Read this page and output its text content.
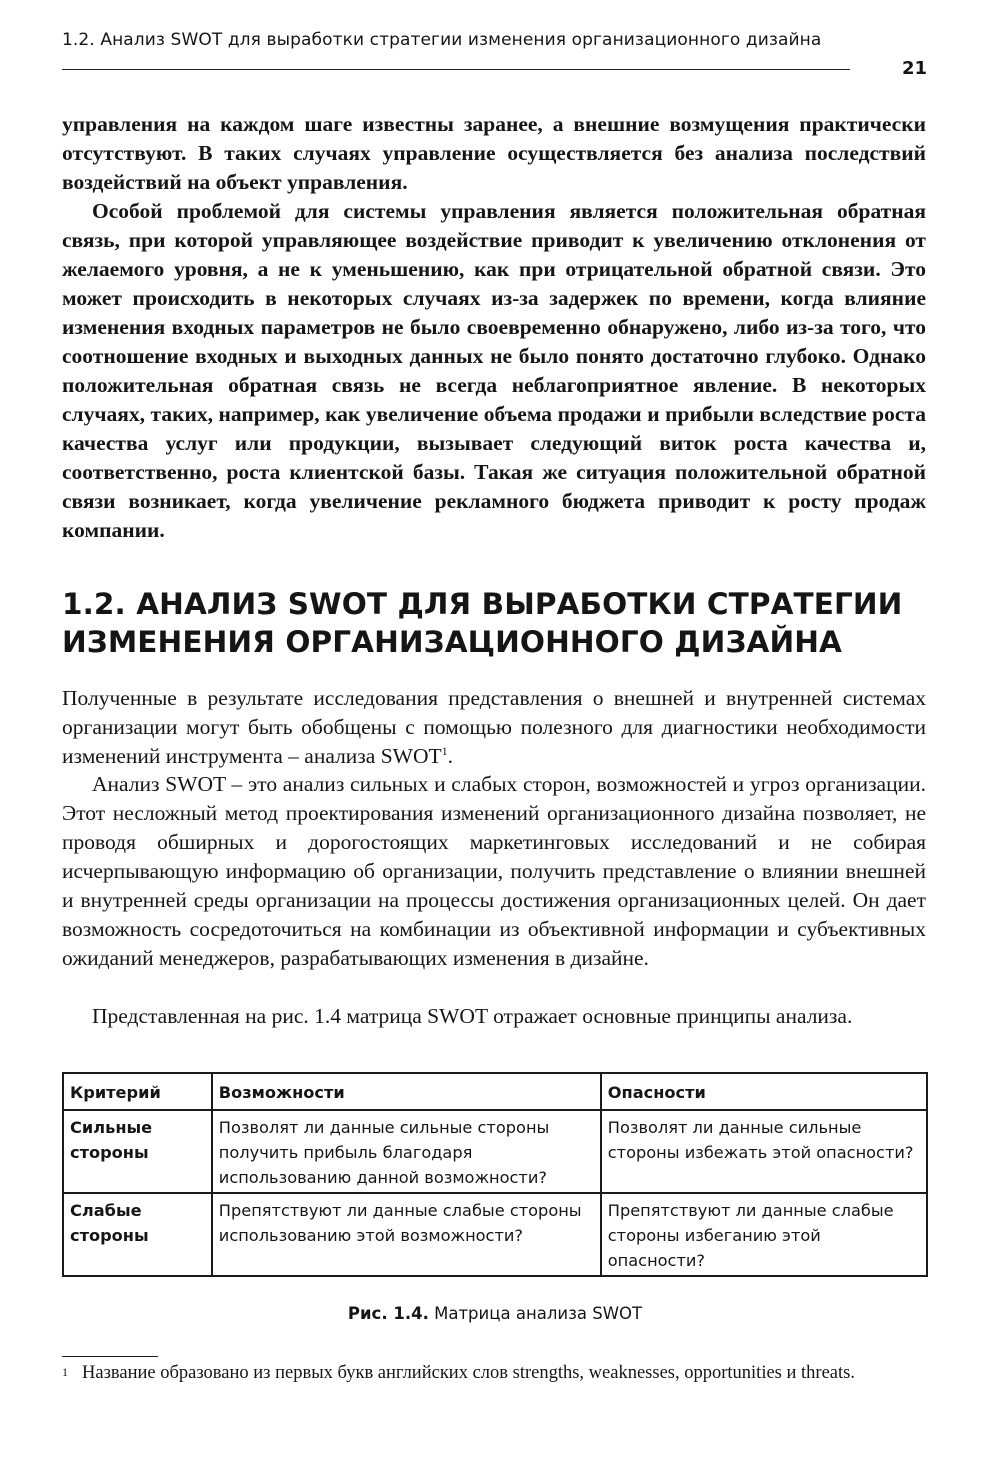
1.2. Анализ SWOT для выработки стратегии изменения организационного дизайна
21

управления на каждом шаге известны заранее, а внешние возмущения практически отсутствуют. В таких случаях управление осуществляется без анализа последствий воздействий на объект управления.

Особой проблемой для системы управления является положительная обратная связь, при которой управляющее воздействие приводит к увеличению отклонения от желаемого уровня, а не к уменьшению, как при отрицательной обратной связи. Это может происходить в некоторых случаях из-за задержек по времени, когда влияние изменения входных параметров не было своевременно обнаружено, либо из-за того, что соотношение входных и выходных данных не было понято достаточно глубоко. Однако положительная обратная связь не всегда неблагоприятное явление. В некоторых случаях, таких, например, как увеличение объема продажи и прибыли вследствие роста качества услуг или продукции, вызывает следующий виток роста качества и, соответственно, роста клиентской базы. Такая же ситуация положительной обратной связи возникает, когда увеличение рекламного бюджета приводит к росту продаж компании.

1.2. АНАЛИЗ SWOT ДЛЯ ВЫРАБОТКИ СТРАТЕГИИ
ИЗМЕНЕНИЯ ОРГАНИЗАЦИОННОГО ДИЗАЙНА

Полученные в результате исследования представления о внешней и внутренней системах организации могут быть обобщены с помощью полезного для диагностики необходимости изменений инструмента – анализа SWOT$^1$.

Анализ SWOT – это анализ сильных и слабых сторон, возможностей и угроз организации. Этот несложный метод проектирования изменений организационного дизайна позволяет, не проводя обширных и дорогостоящих маркетинговых исследований и не собирая исчерпывающую информацию об организации, получить представление о влиянии внешней и внутренней среды организации на процессы достижения организационных целей. Он дает возможность сосредоточиться на комбинации из объективной информации и субъективных ожиданий менеджеров, разрабатывающих изменения в дизайне.

Представленная на рис. 1.4 матрица SWOT отражает основные принципы анализа.

Критерий	Возможности	Опасности
Сильные
стороны	Позволят ли данные сильные стороны получить прибыль благодаря использованию данной возможности?	Позволят ли данные сильные стороны избежать этой опасности?
Слабые
стороны	Препятствуют ли данные слабые стороны использованию этой возможности?	Препятствуют ли данные слабые стороны избеганию этой опасности?

Рис. 1.4. Матрица анализа SWOT

1 Название образовано из первых букв английских слов strengths, weaknesses, opportunities и threats.
